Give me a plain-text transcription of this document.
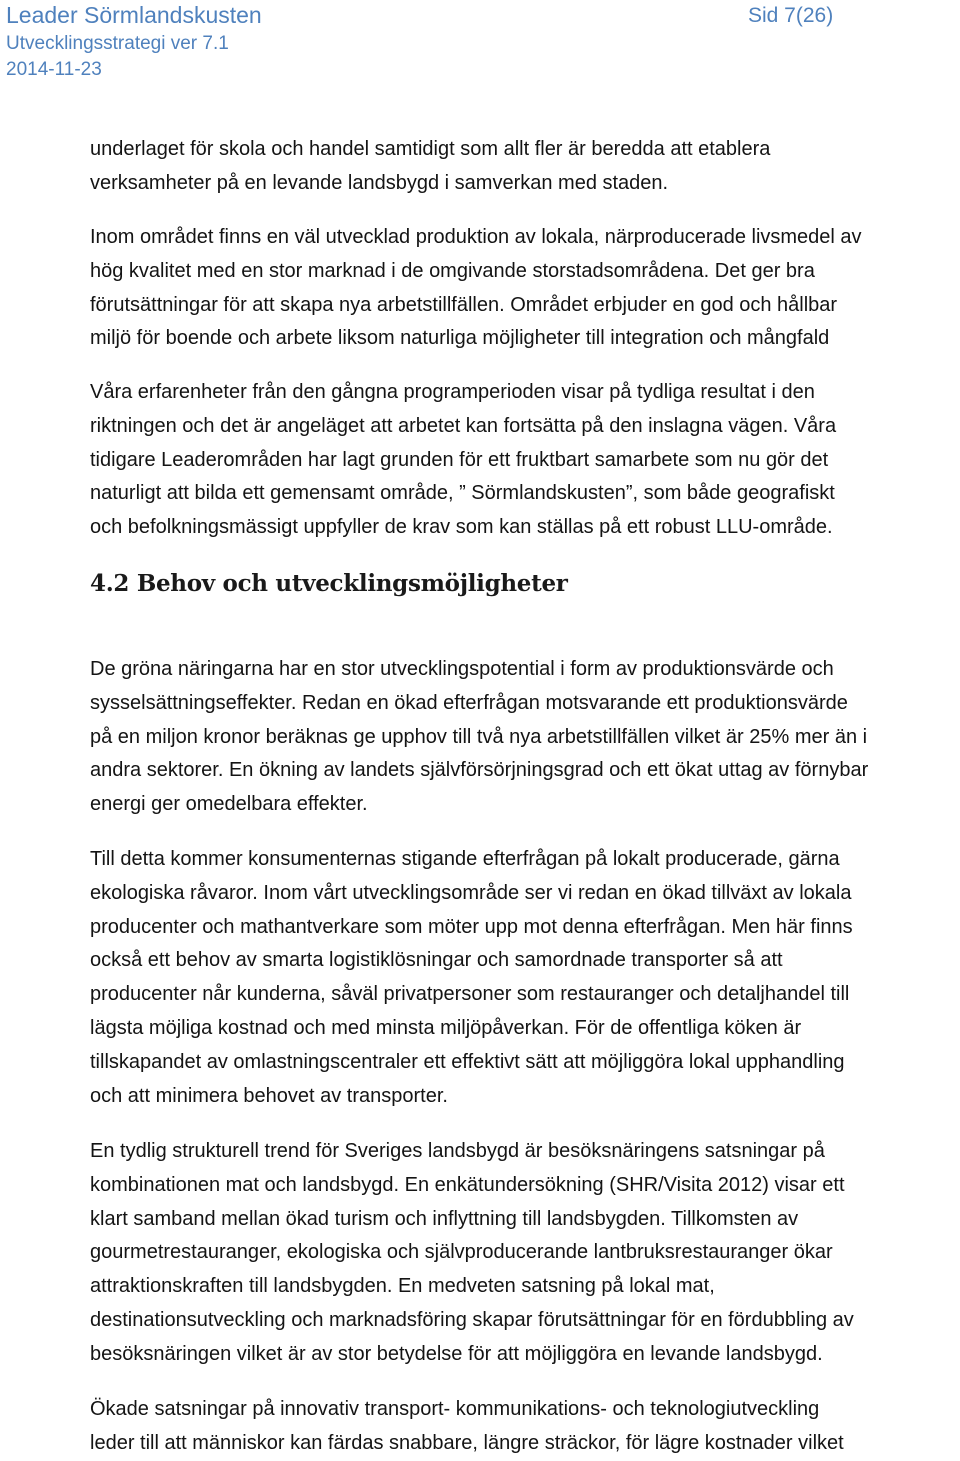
Leader Sörmlandskusten	Sid 7(26)
Utvecklingsstrategi ver 7.1
2014-11-23
underlaget för skola och handel samtidigt som allt fler är beredda att etablera
verksamheter på en levande landsbygd i samverkan med staden.
Inom området finns en väl utvecklad produktion av lokala, närproducerade livsmedel av
hög kvalitet med en stor marknad i de omgivande storstadsområdena. Det ger bra
förutsättningar för att skapa nya arbetstillfällen. Området erbjuder en god och hållbar
miljö för boende och arbete liksom naturliga möjligheter till integration och mångfald
Våra erfarenheter från den gångna programperioden visar på tydliga resultat i den
riktningen och det är angeläget att arbetet kan fortsätta på den inslagna vägen. Våra
tidigare Leaderområden har lagt grunden för ett fruktbart samarbete som nu gör det
naturligt att bilda ett gemensamt område, ” Sörmlandskusten”, som både geografiskt
och befolkningsmässigt uppfyller de krav som kan ställas på ett robust LLU-område.
4.2 Behov och utvecklingsmöjligheter
De gröna näringarna har en stor utvecklingspotential i form av produktionsvärde och
sysselsättningseffekter. Redan en ökad efterfrågan motsvarande ett produktionsvärde
på en miljon kronor beräknas ge upphov till två nya arbetstillfällen vilket är 25% mer än i
andra sektorer. En ökning av landets självförsörjningsgrad och ett ökat uttag av förnybar
energi ger omedelbara effekter.
Till detta kommer konsumenternas stigande efterfrågan på lokalt producerade, gärna
ekologiska råvaror. Inom vårt utvecklingsområde ser vi redan en ökad tillväxt av lokala
producenter och mathantverkare som möter upp mot denna efterfrågan. Men här finns
också ett behov av smarta logistiklösningar och samordnade transporter så att
producenter når kunderna, såväl privatpersoner som restauranger och detaljhandel till
lägsta möjliga kostnad och med minsta miljöpåverkan. För de offentliga köken är
tillskapandet av omlastningscentraler ett effektivt sätt att möjliggöra lokal upphandling
och att minimera behovet av transporter.
En tydlig strukturell trend för Sveriges landsbygd är besöksnäringens satsningar på
kombinationen mat och landsbygd. En enkätundersökning (SHR/Visita 2012) visar ett
klart samband mellan ökad turism och inflyttning till landsbygden. Tillkomsten av
gourmetrestauranger, ekologiska och självproducerande lantbruksrestauranger ökar
attraktionskraften till landsbygden. En medveten satsning på lokal mat,
destinationsutveckling och marknadsföring skapar förutsättningar för en fördubbling av
besöksnäringen vilket är av stor betydelse för att möjliggöra en levande landsbygd.
Ökade satsningar på innovativ transport- kommunikations- och teknologiutveckling
leder till att människor kan färdas snabbare, längre sträckor, för lägre kostnader vilket
